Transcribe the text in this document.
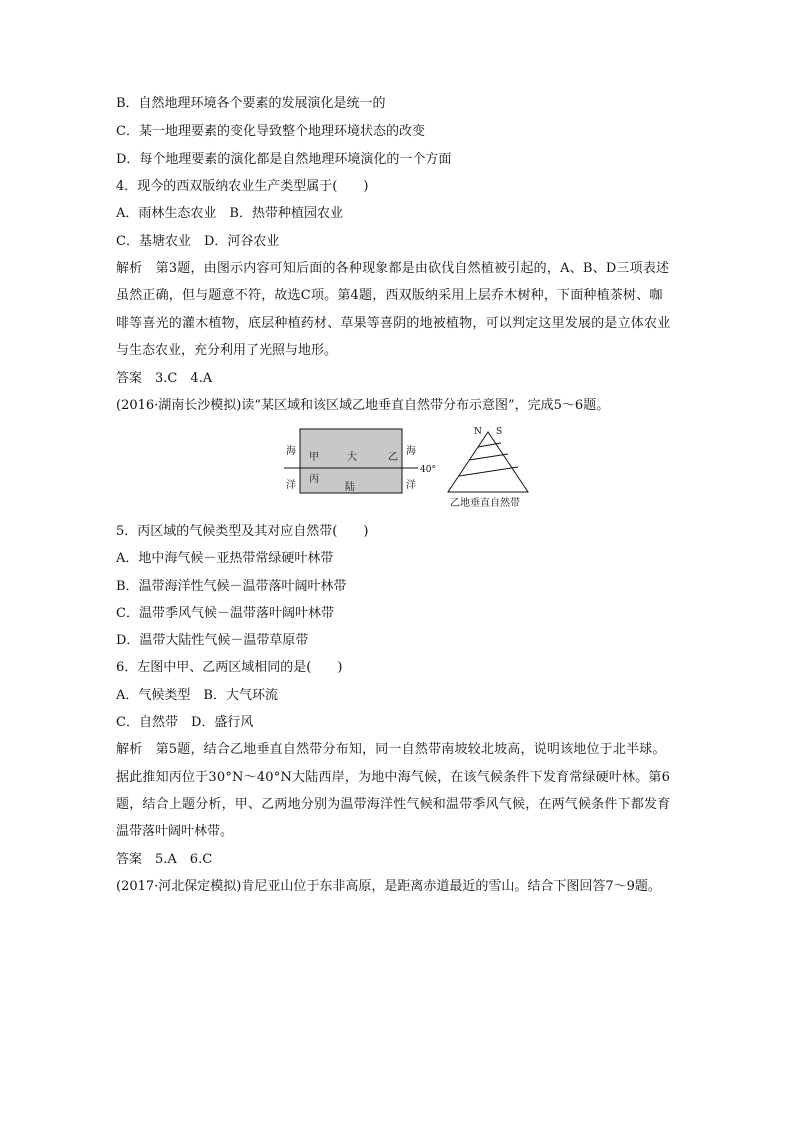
B．自然地理环境各个要素的发展演化是统一的
C．某一地理要素的变化导致整个地理环境状态的改变
D．每个地理要素的演化都是自然地理环境演化的一个方面
4．现今的西双版纳农业生产类型属于(　　)
A．雨林生态农业　B．热带种植园农业
C．基塘农业　D．河谷农业
解析　第3题，由图示内容可知后面的各种现象都是由砍伐自然植被引起的，A、B、D三项表述
虽然正确，但与题意不符，故选C项。第4题，西双版纳采用上层乔木树种，下面种植茶树、咖
啡等喜光的灌木植物，底层种植药材、草果等喜阴的地被植物，可以判定这里发展的是立体农业
与生态农业，充分利用了光照与地形。
答案　3.C　4.A
(2016·湖南长沙模拟)读“某区域和该区域乙地垂直自然带分布示意图”，完成5～6题。
海
洋
甲	大	乙
丙
陆
海
洋
40°
N S
乙地垂直自然带
5．丙区域的气候类型及其对应自然带(　　)
A．地中海气候－亚热带常绿硬叶林带
B．温带海洋性气候－温带落叶阔叶林带
C．温带季风气候－温带落叶阔叶林带
D．温带大陆性气候－温带草原带
6．左图中甲、乙两区域相同的是(　　)
A．气候类型　B．大气环流
C．自然带　D．盛行风
解析　第5题，结合乙地垂直自然带分布知，同一自然带南坡较北坡高，说明该地位于北半球。
据此推知丙位于30°N～40°N大陆西岸，为地中海气候，在该气候条件下发育常绿硬叶林。第6
题，结合上题分析，甲、乙两地分别为温带海洋性气候和温带季风气候，在两气候条件下都发育
温带落叶阔叶林带。
答案　5.A　6.C
(2017·河北保定模拟)肯尼亚山位于东非高原，是距离赤道最近的雪山。结合下图回答7～9题。
